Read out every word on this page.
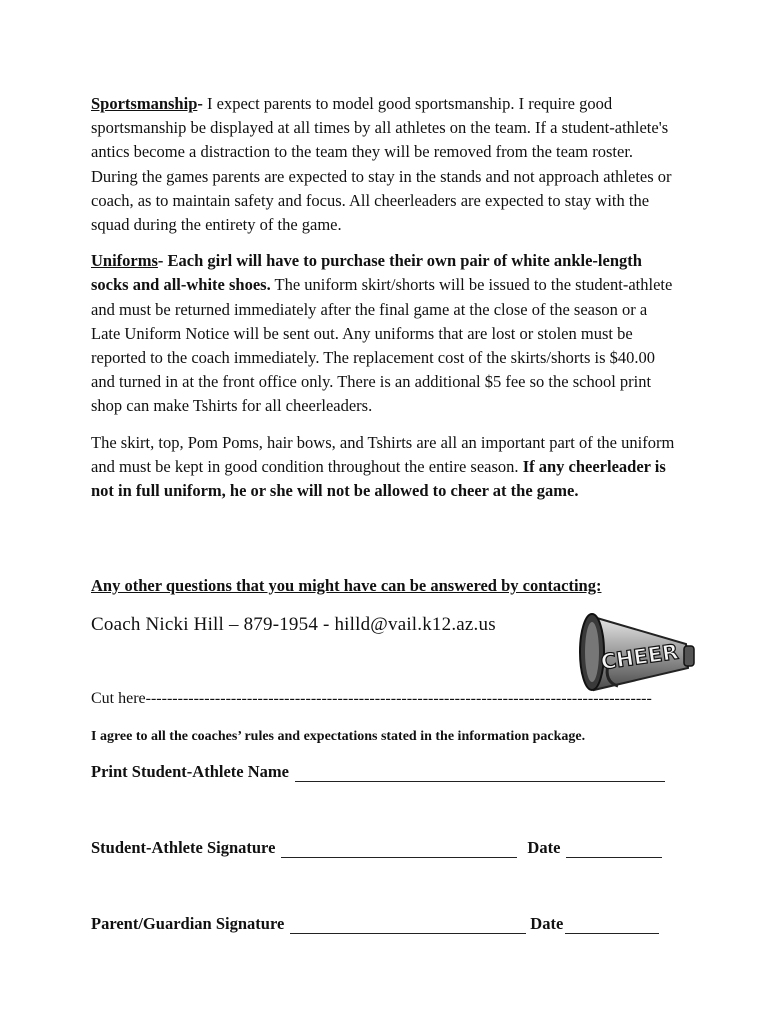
Sportsmanship- I expect parents to model good sportsmanship. I require good sportsmanship be displayed at all times by all athletes on the team. If a student-athlete's antics become a distraction to the team they will be removed from the team roster. During the games parents are expected to stay in the stands and not approach athletes or coach, as to maintain safety and focus. All cheerleaders are expected to stay with the squad during the entirety of the game.

Uniforms- Each girl will have to purchase their own pair of white ankle-length socks and all-white shoes. The uniform skirt/shorts will be issued to the student-athlete and must be returned immediately after the final game at the close of the season or a Late Uniform Notice will be sent out. Any uniforms that are lost or stolen must be reported to the coach immediately. The replacement cost of the skirts/shorts is $40.00 and turned in at the front office only. There is an additional $5 fee so the school print shop can make Tshirts for all cheerleaders.

The skirt, top, Pom Poms, hair bows, and Tshirts are all an important part of the uniform and must be kept in good condition throughout the entire season. If any cheerleader is not in full uniform, he or she will not be allowed to cheer at the game.

Any other questions that you might have can be answered by contacting:
Coach Nicki Hill – 879-1954 - hilld@vail.k12.az.us
CHEER
Cut here-----------------------------------------------------------------------------------------------
I agree to all the coaches’ rules and expectations stated in the information package.
Print Student-Athlete Name
Student-Athlete Signature	Date
Parent/Guardian Signature	Date
